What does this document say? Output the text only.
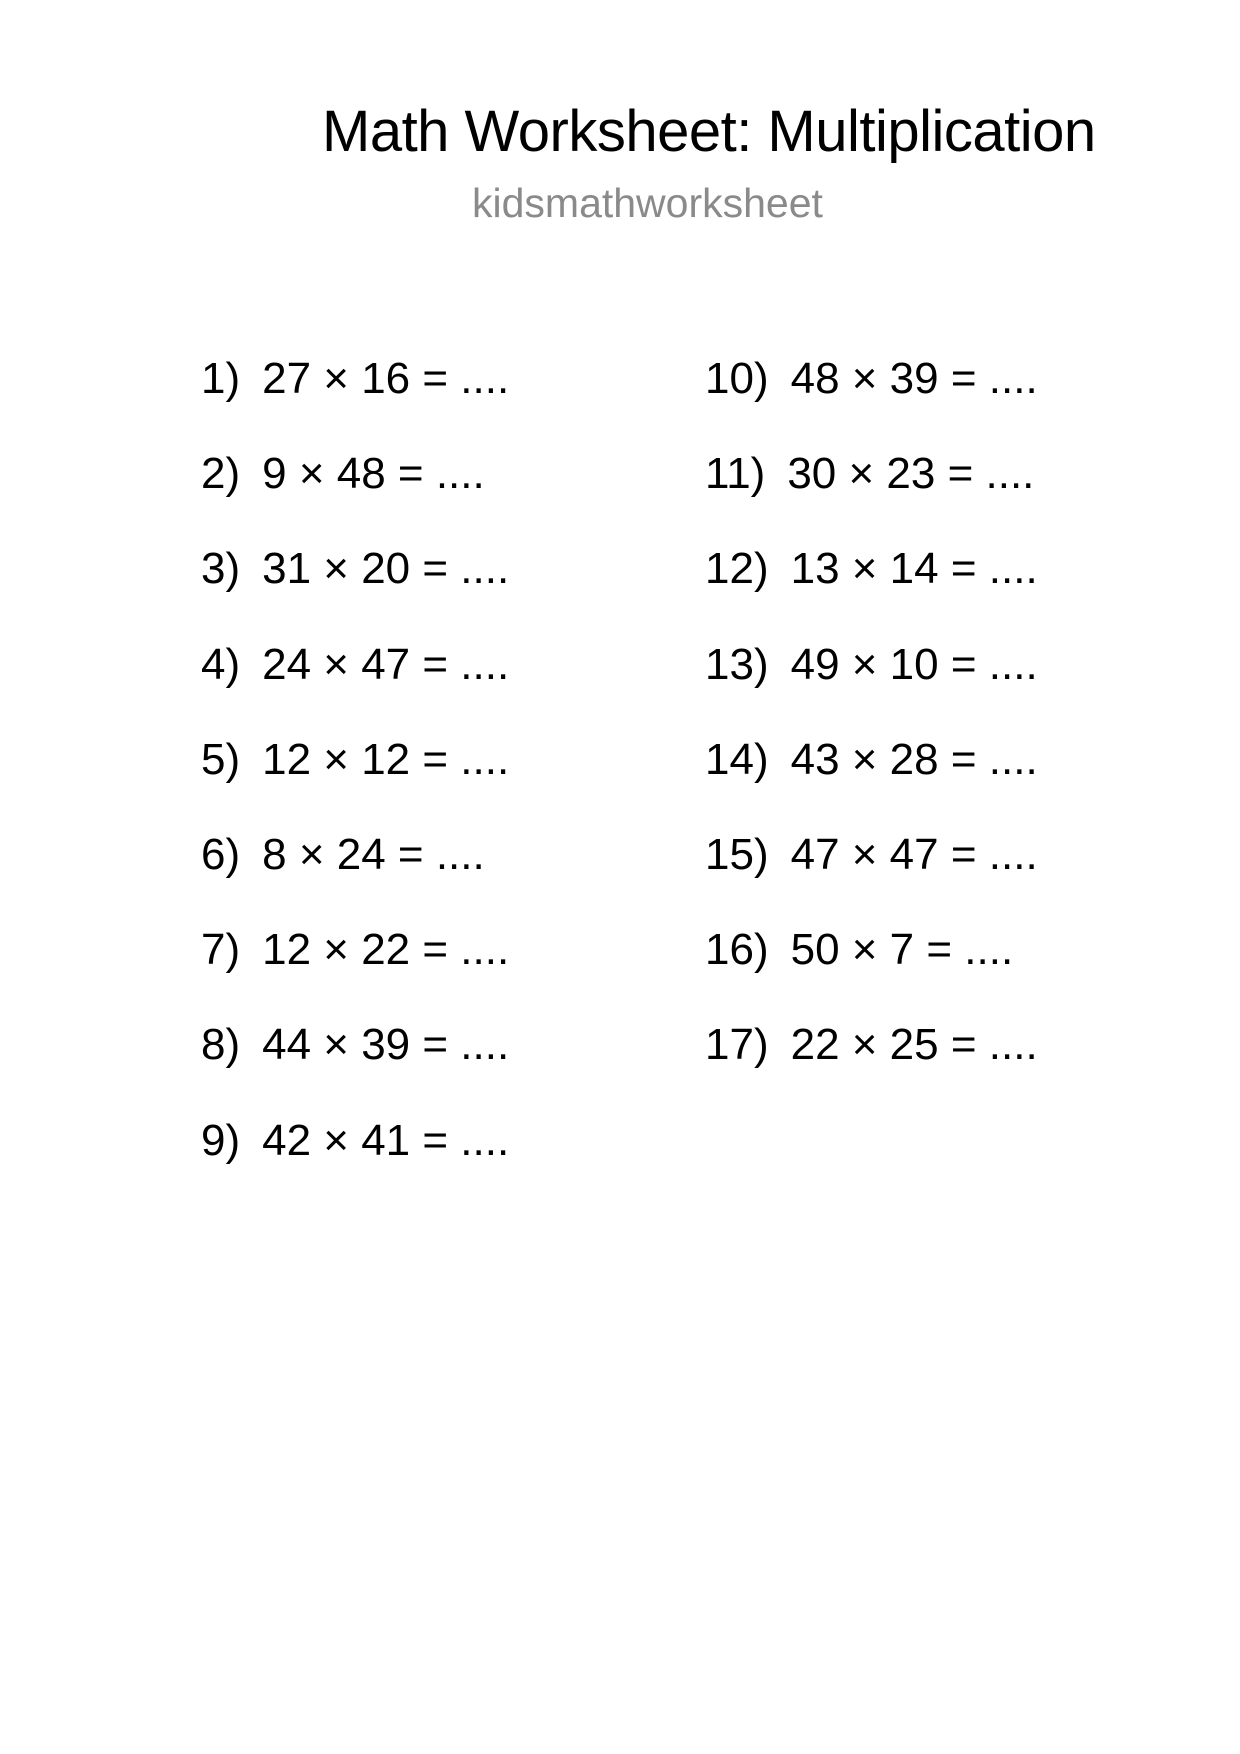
Math Worksheet: Multiplication
kidsmathworksheet
1) 27 × 16 = ....
2) 9 × 48 = ....
3) 31 × 20 = ....
4) 24 × 47 = ....
5) 12 × 12 = ....
6) 8 × 24 = ....
7) 12 × 22 = ....
8) 44 × 39 = ....
9) 42 × 41 = ....
10) 48 × 39 = ....
11) 30 × 23 = ....
12) 13 × 14 = ....
13) 49 × 10 = ....
14) 43 × 28 = ....
15) 47 × 47 = ....
16) 50 × 7 = ....
17) 22 × 25 = ....
